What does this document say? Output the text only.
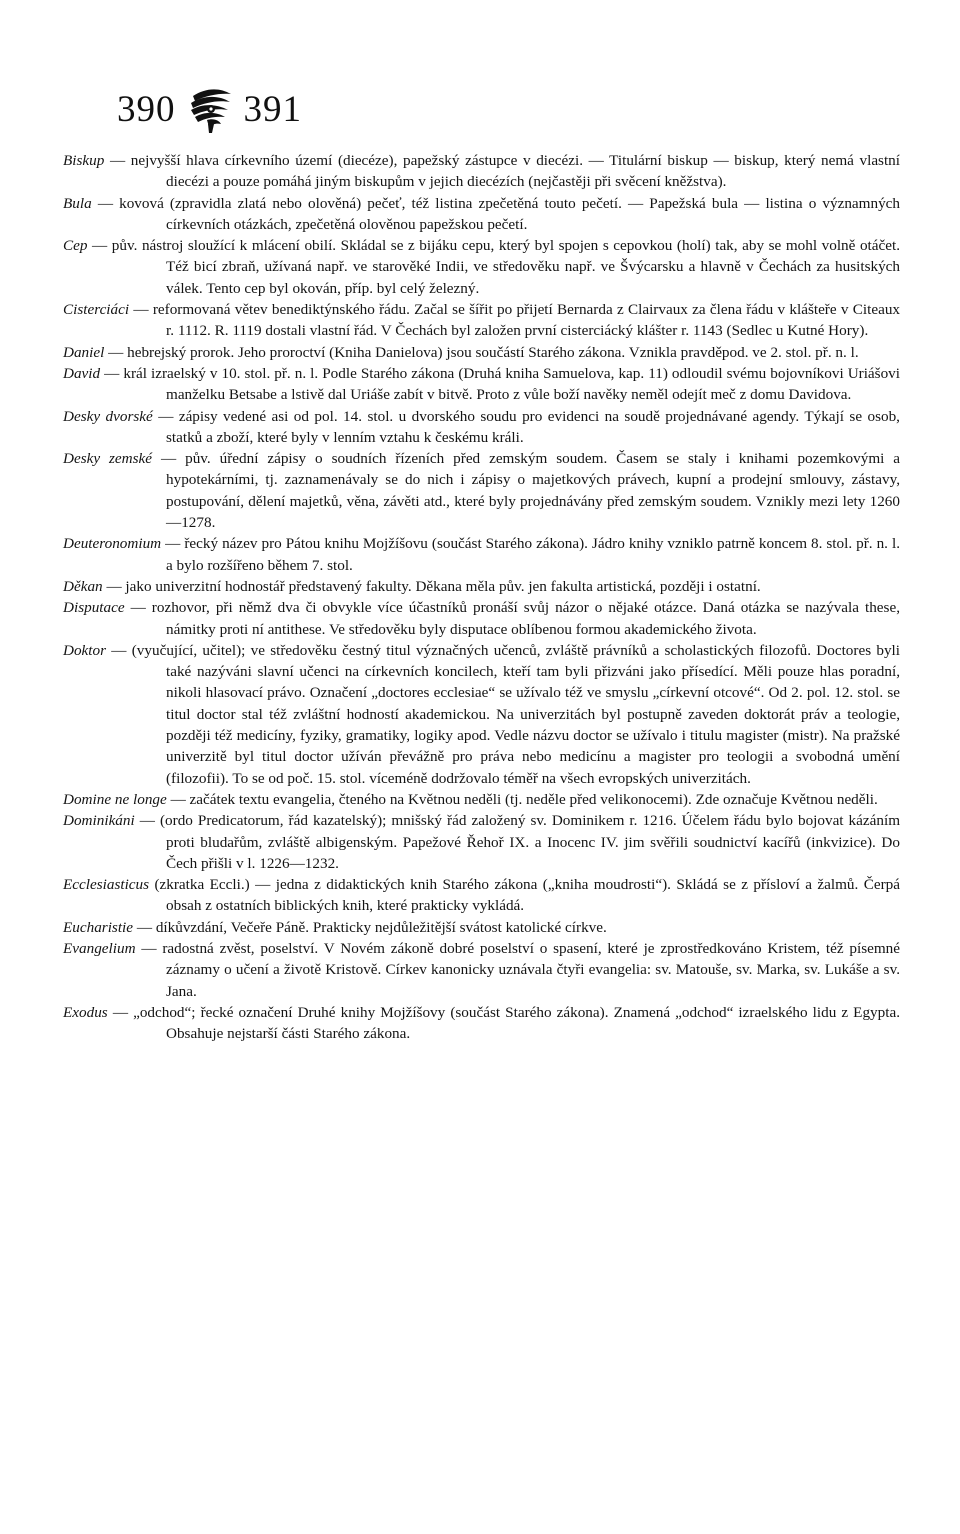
390 391
Biskup — nejvyšší hlava církevního území (diecéze), papežský zástupce v diecézi. — Titulární biskup — biskup, který nemá vlastní diecézi a pouze pomáhá jiným biskupům v jejich diecézích (nejčastěji při svěcení kněžstva).
Bula — kovová (zpravidla zlatá nebo olověná) pečeť, též listina zpečetěná touto pečetí. — Papežská bula — listina o významných církevních otázkách, zpečetěná olověnou papežskou pečetí.
Cep — pův. nástroj sloužící k mlácení obilí. Skládal se z bijáku cepu, který byl spojen s cepovkou (holí) tak, aby se mohl volně otáčet. Též bicí zbraň, užívaná např. ve starověké Indii, ve středověku např. ve Švýcarsku a hlavně v Čechách za husitských válek. Tento cep byl okován, příp. byl celý železný.
Cisterciáci — reformovaná větev benediktýnského řádu. Začal se šířit po přijetí Bernarda z Clairvaux za člena řádu v klášteře v Citeaux r. 1112. R. 1119 dostali vlastní řád. V Čechách byl založen první cisterciácký klášter r. 1143 (Sedlec u Kutné Hory).
Daniel — hebrejský prorok. Jeho proroctví (Kniha Danielova) jsou součástí Starého zákona. Vznikla pravděpod. ve 2. stol. př. n. l.
David — král izraelský v 10. stol. př. n. l. Podle Starého zákona (Druhá kniha Samuelova, kap. 11) odloudil svému bojovníkovi Uriášovi manželku Betsabe a lstivě dal Uriáše zabít v bitvě. Proto z vůle boží navěky neměl odejít meč z domu Davidova.
Desky dvorské — zápisy vedené asi od pol. 14. stol. u dvorského soudu pro evidenci na soudě projednávané agendy. Týkají se osob, statků a zboží, které byly v lenním vztahu k českému králi.
Desky zemské — pův. úřední zápisy o soudních řízeních před zemským soudem. Časem se staly i knihami pozemkovými a hypotekárními, tj. zaznamenávaly se do nich i zápisy o majetkových právech, kupní a prodejní smlouvy, zástavy, postupování, dělení majetků, věna, závěti atd., které byly projednávány před zemským soudem. Vznikly mezi lety 1260—1278.
Deuteronomium — řecký název pro Pátou knihu Mojžíšovu (součást Starého zákona). Jádro knihy vzniklo patrně koncem 8. stol. př. n. l. a bylo rozšířeno během 7. stol.
Děkan — jako univerzitní hodnostář představený fakulty. Děkana měla pův. jen fakulta artistická, později i ostatní.
Disputace — rozhovor, při němž dva či obvykle více účastníků pronáší svůj názor o nějaké otázce. Daná otázka se nazývala these, námitky proti ní antithese. Ve středověku byly disputace oblíbenou formou akademického života.
Doktor — (vyučující, učitel); ve středověku čestný titul význačných učenců, zvláště právníků a scholastických filozofů. Doctores byli také nazýváni slavní učenci na církevních koncilech, kteří tam byli přizváni jako přísedící. Měli pouze hlas poradní, nikoli hlasovací právo. Označení „doctores ecclesiae“ se užívalo též ve smyslu „církevní otcové“. Od 2. pol. 12. stol. se titul doctor stal též zvláštní hodností akademickou. Na univerzitách byl postupně zaveden doktorát práv a teologie, později též medicíny, fyziky, gramatiky, logiky apod. Vedle názvu doctor se užívalo i titulu magister (mistr). Na pražské univerzitě byl titul doctor užíván převážně pro práva nebo medicínu a magister pro teologii a svobodná umění (filozofii). To se od poč. 15. stol. víceméně dodržovalo téměř na všech evropských univerzitách.
Domine ne longe — začátek textu evangelia, čteného na Květnou neděli (tj. neděle před velikonocemi). Zde označuje Květnou neděli.
Dominikáni — (ordo Predicatorum, řád kazatelský); mnišský řád založený sv. Dominikem r. 1216. Účelem řádu bylo bojovat kázáním proti bludařům, zvláště albigenským. Papežové Řehoř IX. a Inocenc IV. jim svěřili soudnictví kacířů (inkvizice). Do Čech přišli v l. 1226—1232.
Ecclesiasticus (zkratka Eccli.) — jedna z didaktických knih Starého zákona („kniha moudrosti“). Skládá se z přísloví a žalmů. Čerpá obsah z ostatních biblických knih, které prakticky vykládá.
Eucharistie — díkůvzdání, Večeře Páně. Prakticky nejdůležitější svátost katolické církve.
Evangelium — radostná zvěst, poselství. V Novém zákoně dobré poselství o spasení, které je zprostředkováno Kristem, též písemné záznamy o učení a životě Kristově. Církev kanonicky uznávala čtyři evangelia: sv. Matouše, sv. Marka, sv. Lukáše a sv. Jana.
Exodus — „odchod“; řecké označení Druhé knihy Mojžíšovy (součást Starého zákona). Znamená „odchod“ izraelského lidu z Egypta. Obsahuje nejstarší části Starého zákona.
